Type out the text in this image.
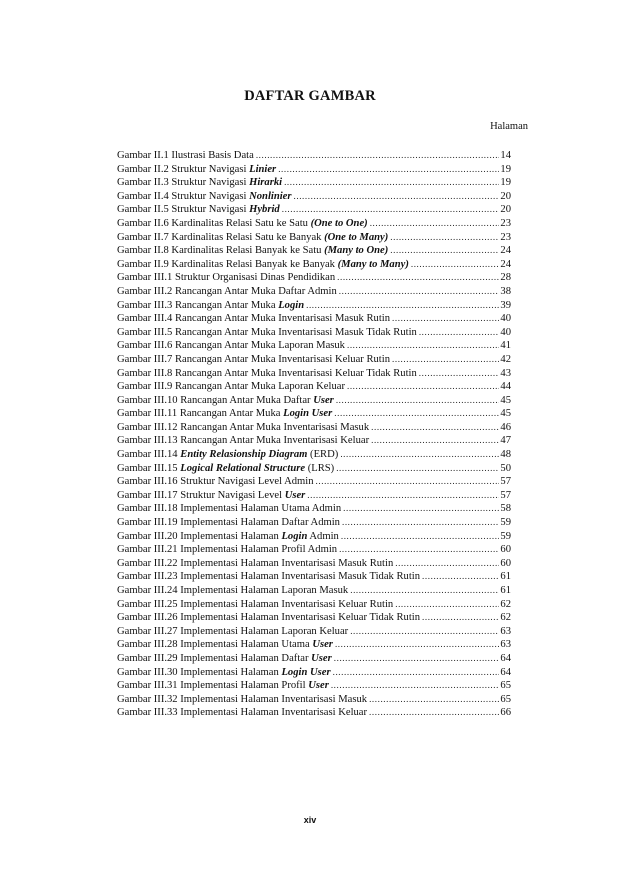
DAFTAR GAMBAR
Halaman
Gambar II.1 Ilustrasi Basis Data .....	14
Gambar II.2 Struktur Navigasi Linier .....	19
Gambar II.3 Struktur Navigasi Hirarki .....	19
Gambar II.4 Struktur Navigasi Nonlinier .....	20
Gambar II.5 Struktur Navigasi Hybrid .....	20
Gambar II.6 Kardinalitas Relasi Satu ke Satu (One to One) .....	23
Gambar II.7 Kardinalitas Relasi Satu ke Banyak (One to Many) .....	23
Gambar II.8 Kardinalitas Relasi Banyak ke Satu (Many to One) .....	24
Gambar II.9 Kardinalitas Relasi Banyak ke Banyak (Many to Many) .....	24
Gambar III.1 Struktur Organisasi Dinas Pendidikan .....	28
Gambar III.2 Rancangan Antar Muka Daftar Admin .....	38
Gambar III.3 Rancangan Antar Muka Login .....	39
Gambar III.4 Rancangan Antar Muka Inventarisasi Masuk Rutin .....	40
Gambar III.5 Rancangan Antar Muka Inventarisasi Masuk Tidak Rutin .....	40
Gambar III.6 Rancangan Antar Muka Laporan Masuk .....	41
Gambar III.7 Rancangan Antar Muka Inventarisasi Keluar Rutin .....	42
Gambar III.8 Rancangan Antar Muka Inventarisasi Keluar Tidak Rutin .....	43
Gambar III.9 Rancangan Antar Muka Laporan Keluar .....	44
Gambar III.10 Rancangan Antar Muka Daftar User .....	45
Gambar III.11 Rancangan Antar Muka Login User .....	45
Gambar III.12 Rancangan Antar Muka Inventarisasi Masuk .....	46
Gambar III.13 Rancangan Antar Muka Inventarisasi Keluar .....	47
Gambar III.14 Entity Relasionship Diagram (ERD) .....	48
Gambar III.15 Logical Relational Structure (LRS) .....	50
Gambar III.16 Struktur Navigasi Level Admin .....	57
Gambar III.17 Struktur Navigasi Level User .....	57
Gambar III.18 Implementasi Halaman Utama Admin .....	58
Gambar III.19 Implementasi Halaman Daftar Admin .....	59
Gambar III.20 Implementasi Halaman Login Admin .....	59
Gambar III.21 Implementasi Halaman Profil Admin .....	60
Gambar III.22 Implementasi Halaman Inventarisasi Masuk Rutin .....	60
Gambar III.23 Implementasi Halaman Inventarisasi Masuk Tidak Rutin .....	61
Gambar III.24 Implementasi Halaman Laporan Masuk .....	61
Gambar III.25 Implementasi Halaman Inventarisasi Keluar Rutin .....	62
Gambar III.26 Implementasi Halaman Inventarisasi Keluar Tidak Rutin .....	62
Gambar III.27 Implementasi Halaman Laporan Keluar .....	63
Gambar III.28 Implementasi Halaman Utama User .....	63
Gambar III.29 Implementasi Halaman Daftar User .....	64
Gambar III.30 Implementasi Halaman Login User .....	64
Gambar III.31 Implementasi Halaman Profil User .....	65
Gambar III.32 Implementasi Halaman Inventarisasi Masuk .....	65
Gambar III.33 Implementasi Halaman Inventarisasi Keluar .....	66
xiv
